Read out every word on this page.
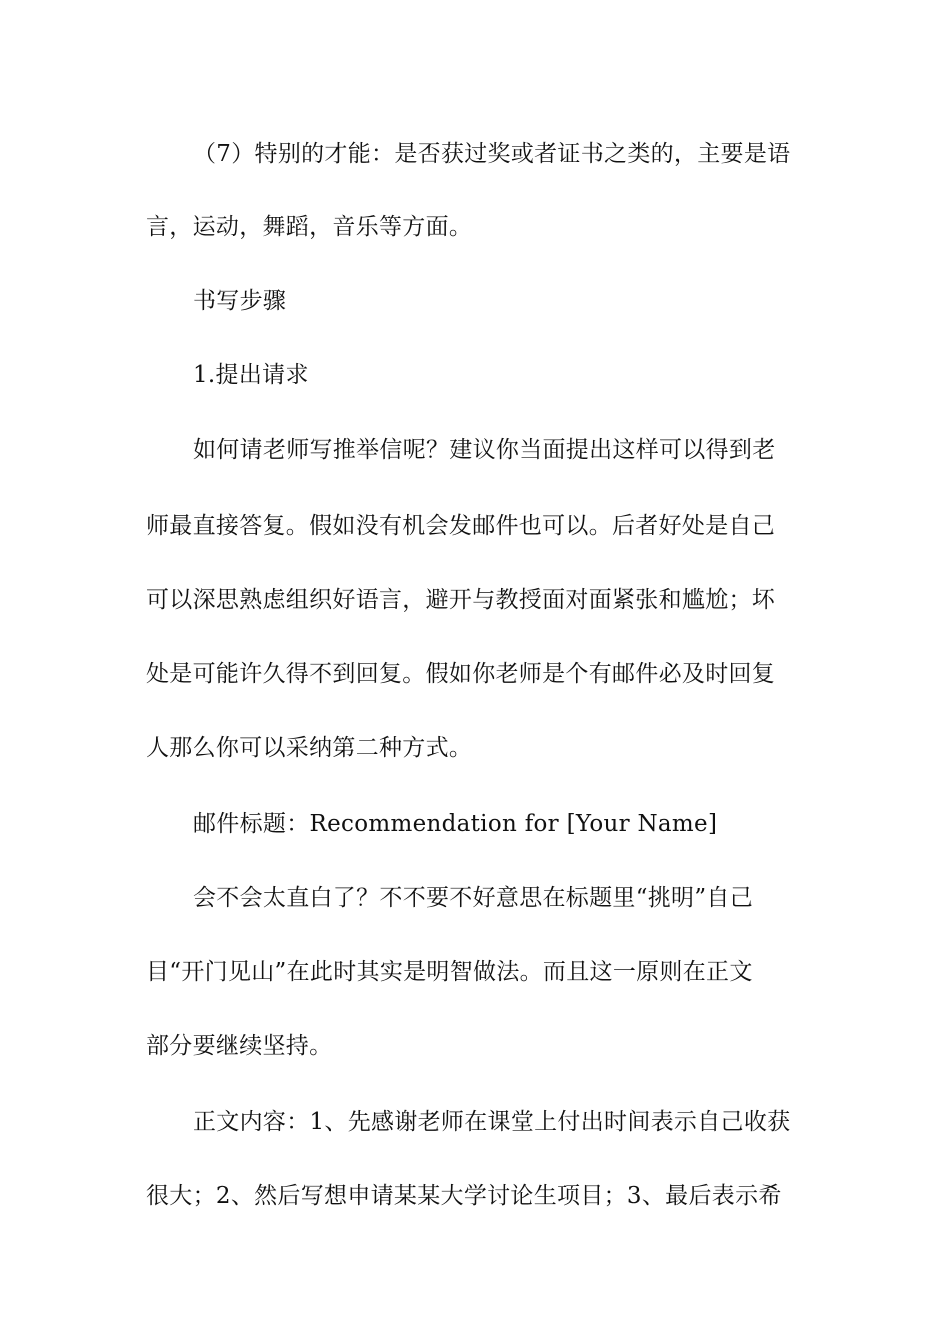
（7）特别的才能：是否获过奖或者证书之类的，主要是语
言，运动，舞蹈，音乐等方面。
书写步骤
1.提出请求
如何请老师写推举信呢？建议你当面提出这样可以得到老
师最直接答复。假如没有机会发邮件也可以。后者好处是自己
可以深思熟虑组织好语言，避开与教授面对面紧张和尴尬；坏
处是可能许久得不到回复。假如你老师是个有邮件必及时回复
人那么你可以采纳第二种方式。
邮件标题：Recommendation for [Your Name]
会不会太直白了？不不要不好意思在标题里“挑明”自己
目“开门见山”在此时其实是明智做法。而且这一原则在正文
部分要继续坚持。
正文内容：1、先感谢老师在课堂上付出时间表示自己收获
很大；2、然后写想申请某某大学讨论生项目；3、最后表示希
